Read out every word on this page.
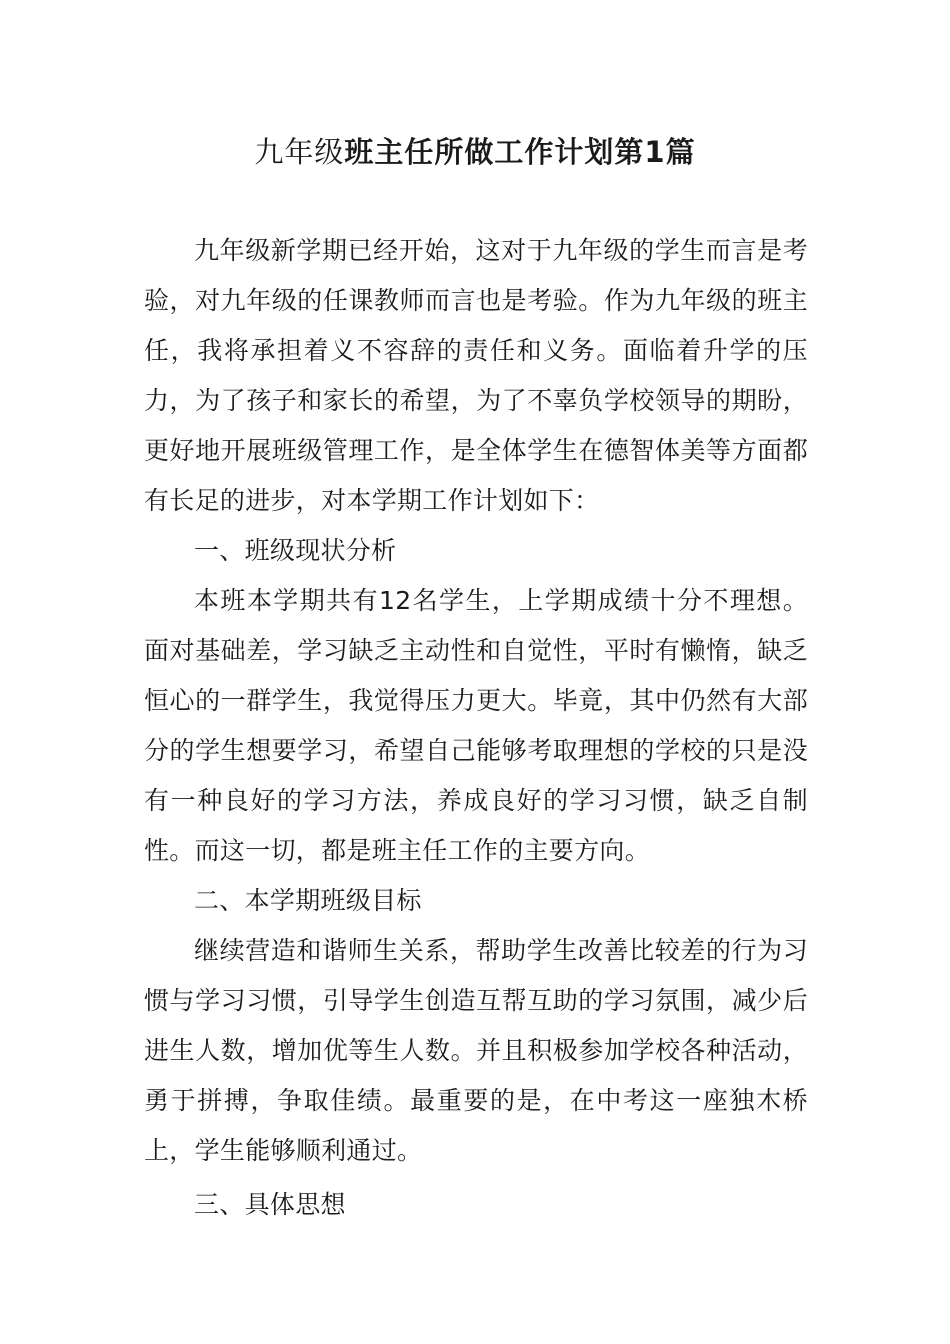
九年级班主任所做工作计划第1篇

九年级新学期已经开始，这对于九年级的学生而言是考验，对九年级的任课教师而言也是考验。作为九年级的班主任，我将承担着义不容辞的责任和义务。面临着升学的压力，为了孩子和家长的希望，为了不辜负学校领导的期盼，更好地开展班级管理工作，是全体学生在德智体美等方面都有长足的进步，对本学期工作计划如下：

一、班级现状分析

本班本学期共有12名学生，上学期成绩十分不理想。面对基础差，学习缺乏主动性和自觉性，平时有懒惰，缺乏恒心的一群学生，我觉得压力更大。毕竟，其中仍然有大部分的学生想要学习，希望自己能够考取理想的学校的只是没有一种良好的学习方法，养成良好的学习习惯，缺乏自制性。而这一切，都是班主任工作的主要方向。

二、本学期班级目标

继续营造和谐师生关系，帮助学生改善比较差的行为习惯与学习习惯，引导学生创造互帮互助的学习氛围，减少后进生人数，增加优等生人数。并且积极参加学校各种活动，勇于拼搏，争取佳绩。最重要的是，在中考这一座独木桥上，学生能够顺利通过。

三、具体思想
